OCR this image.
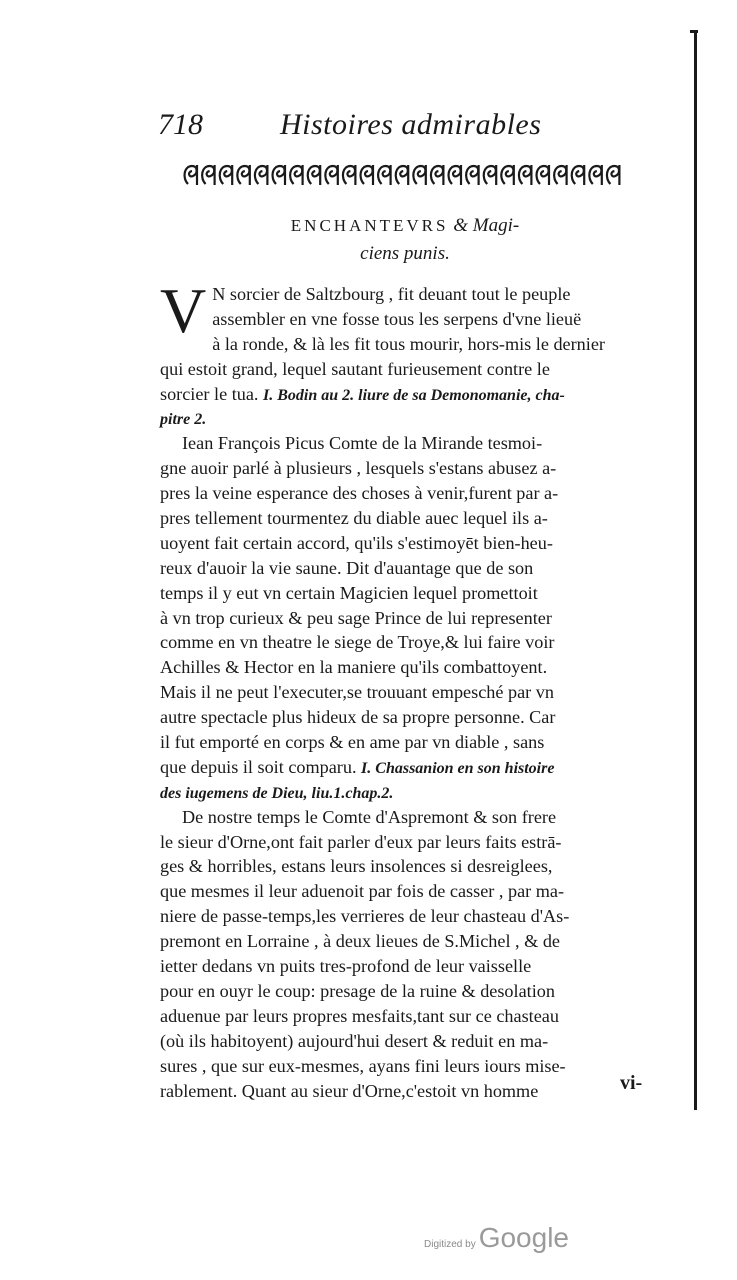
718	Histoires admirables
ENCHANTEVRS & Magi-
ciens punis.
V N sorcier de Saltzbourg , fit deuant tout le peuple
assembler en vne fosse tous les serpens d'vne lieuë
à la ronde, & là les fit tous mourir, hors-mis le dernier
qui estoit grand, lequel sautant furieusement contre le
sorcier le tua. I. Bodin au 2. liure de sa Demonomanie, cha-
pitre 2.
Iean François Picus Comte de la Mirande tesmoi-
gne auoir parlé à plusieurs , lesquels s'estans abusez a-
pres la veine esperance des choses à venir,furent par a-
pres tellement tourmentez du diable auec lequel ils a-
uoyent fait certain accord, qu'ils s'estimoyēt bien-heu-
reux d'auoir la vie saune. Dit d'auantage que de son
temps il y eut vn certain Magicien lequel promettoit
à vn trop curieux & peu sage Prince de lui representer
comme en vn theatre le siege de Troye,& lui faire voir
Achilles & Hector en la maniere qu'ils combattoyent.
Mais il ne peut l'executer,se trouuant empesché par vn
autre spectacle plus hideux de sa propre personne. Car
il fut emporté en corps & en ame par vn diable , sans
que depuis il soit comparu. I. Chassanion en son histoire
des iugemens de Dieu, liu.1.chap.2.
De nostre temps le Comte d'Aspremont & son frere
le sieur d'Orne,ont fait parler d'eux par leurs faits estrā-
ges & horribles, estans leurs insolences si desreiglees,
que mesmes il leur aduenoit par fois de casser , par ma-
niere de passe-temps,les verrieres de leur chasteau d'As-
premont en Lorraine , à deux lieues de S.Michel , & de
ietter dedans vn puits tres-profond de leur vaisselle
pour en ouyr le coup: presage de la ruine & desolation
aduenue par leurs propres mesfaits,tant sur ce chasteau
(où ils habitoyent) aujourd'hui desert & reduit en ma-
sures , que sur eux-mesmes, ayans fini leurs iours mise-
rablement. Quant au sieur d'Orne,c'estoit vn homme	vi-
Digitized by Google
